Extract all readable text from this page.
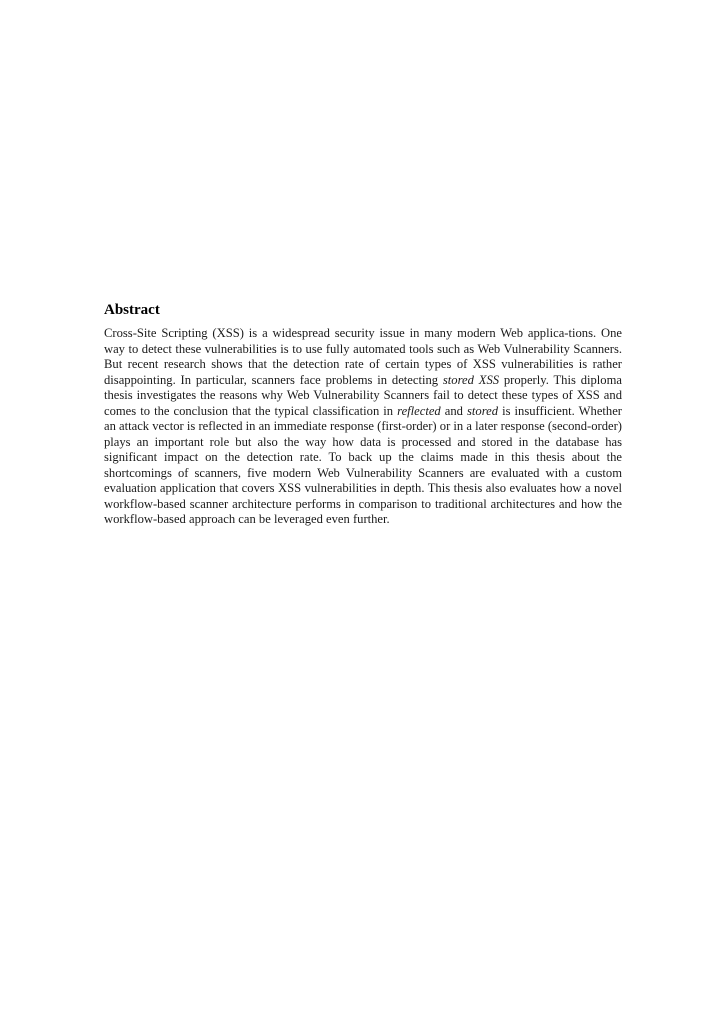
Abstract

Cross-Site Scripting (XSS) is a widespread security issue in many modern Web applica-tions. One way to detect these vulnerabilities is to use fully automated tools such as Web Vulnerability Scanners. But recent research shows that the detection rate of certain types of XSS vulnerabilities is rather disappointing. In particular, scanners face problems in detecting stored XSS properly. This diploma thesis investigates the reasons why Web Vulnerability Scanners fail to detect these types of XSS and comes to the conclusion that the typical classification in reflected and stored is insufficient. Whether an attack vector is reflected in an immediate response (first-order) or in a later response (second-order) plays an important role but also the way how data is processed and stored in the database has significant impact on the detection rate. To back up the claims made in this thesis about the shortcomings of scanners, five modern Web Vulnerability Scanners are evaluated with a custom evaluation application that covers XSS vulnerabilities in depth. This thesis also evaluates how a novel workflow-based scanner architecture performs in comparison to traditional architectures and how the workflow-based approach can be leveraged even further.
